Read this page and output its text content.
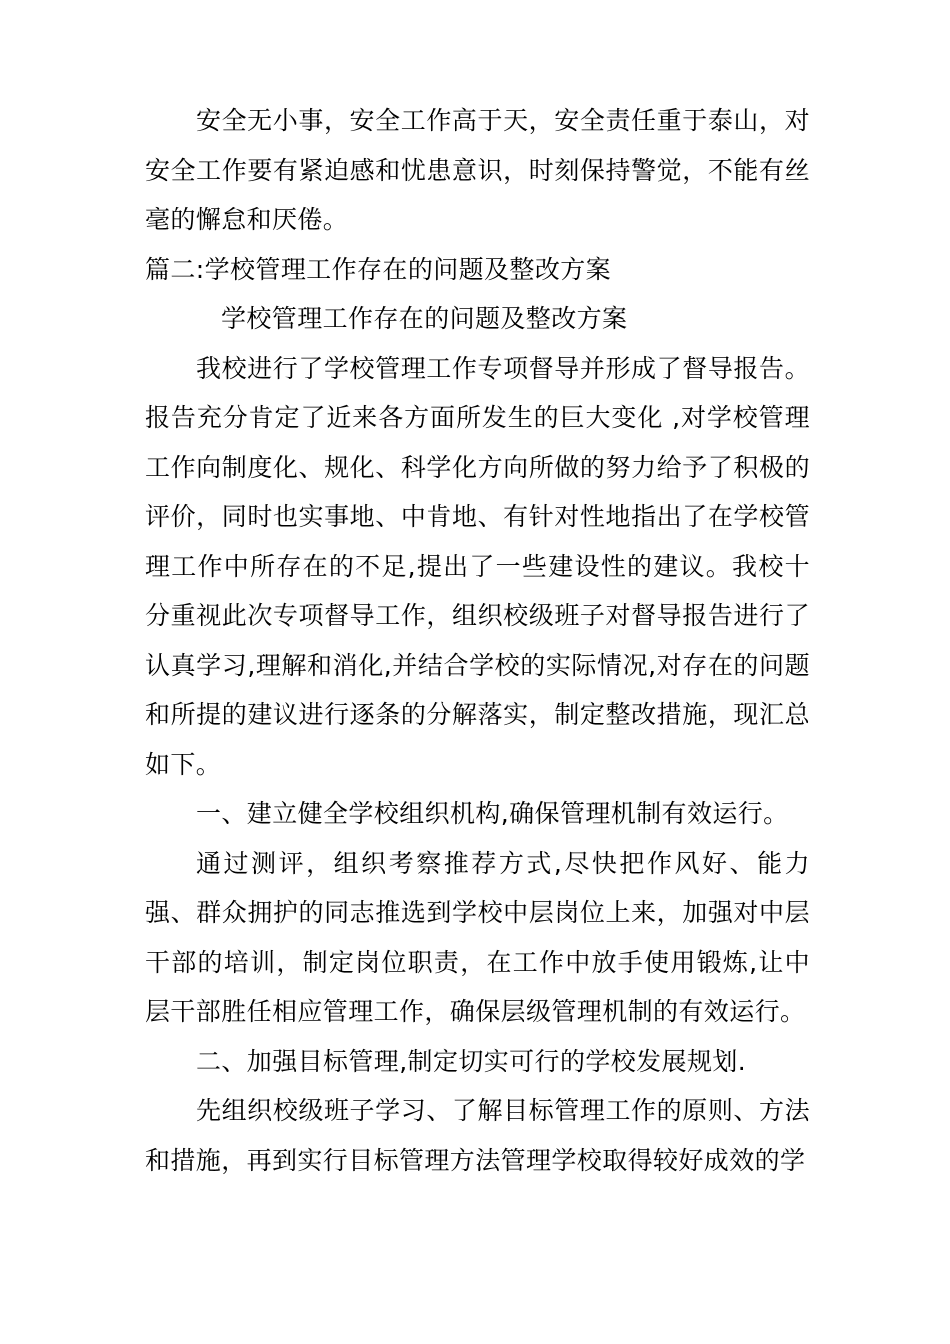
安全无小事，安全工作高于天，安全责任重于泰山，对安全工作要有紧迫感和忧患意识，时刻保持警觉，不能有丝毫的懈怠和厌倦。

篇二:学校管理工作存在的问题及整改方案

学校管理工作存在的问题及整改方案

我校进行了学校管理工作专项督导并形成了督导报告。报告充分肯定了近来各方面所发生的巨大变化 ,对学校管理工作向制度化、规化、科学化方向所做的努力给予了积极的评价，同时也实事地、中肯地、有针对性地指出了在学校管理工作中所存在的不足,提出了一些建设性的建议。我校十分重视此次专项督导工作，组织校级班子对督导报告进行了认真学习,理解和消化,并结合学校的实际情况,对存在的问题和所提的建议进行逐条的分解落实，制定整改措施，现汇总如下。

一、建立健全学校组织机构,确保管理机制有效运行。

通过测评，组织考察推荐方式,尽快把作风好、能力强、群众拥护的同志推选到学校中层岗位上来，加强对中层干部的培训，制定岗位职责，在工作中放手使用锻炼,让中层干部胜任相应管理工作，确保层级管理机制的有效运行。

二、加强目标管理,制定切实可行的学校发展规划.

先组织校级班子学习、了解目标管理工作的原则、方法和措施，再到实行目标管理方法管理学校取得较好成效的学
